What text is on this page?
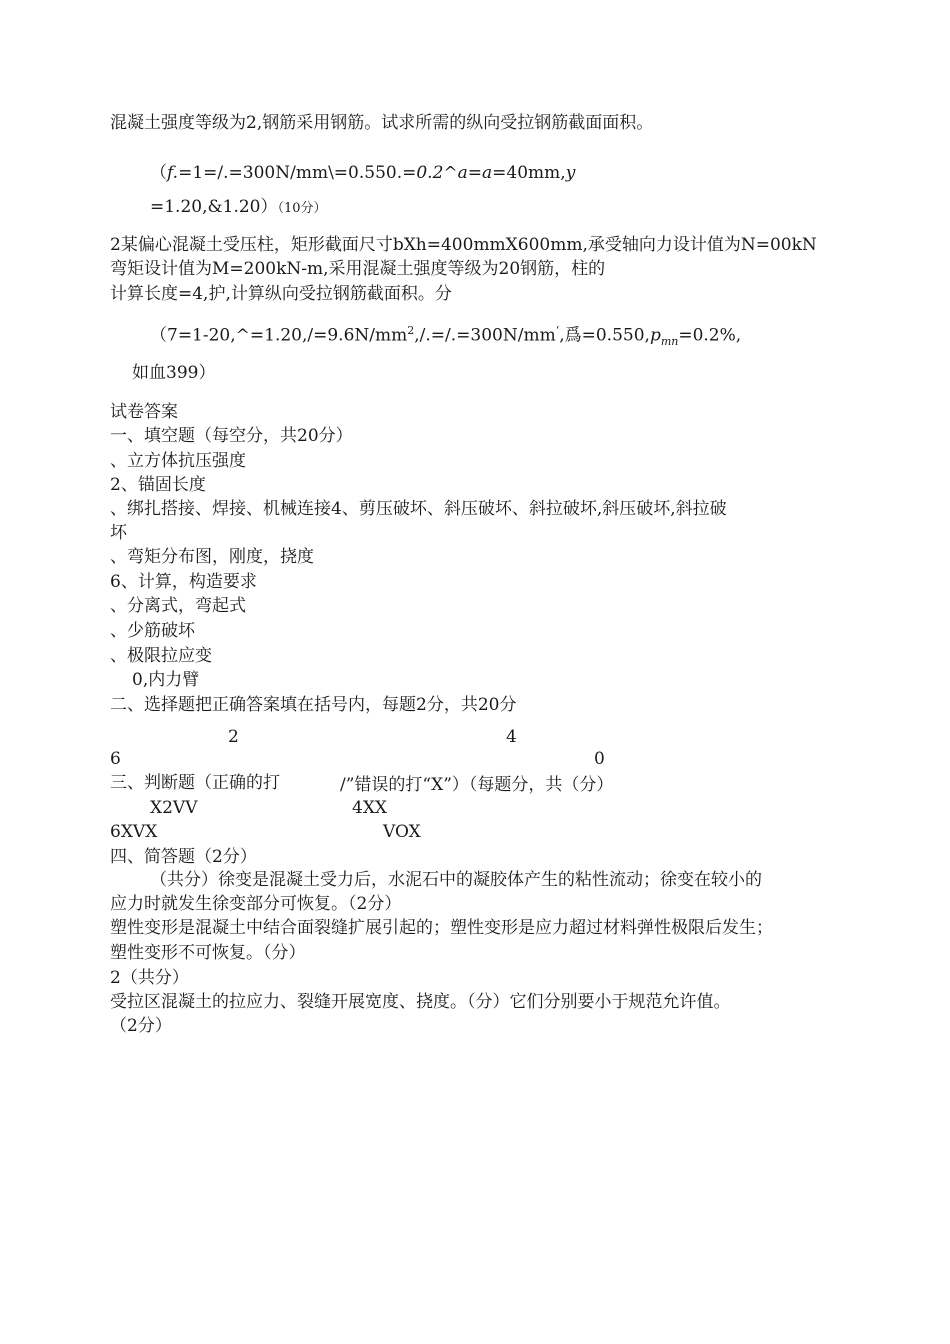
混凝土强度等级为2,钢筋采用钢筋。试求所需的纵向受拉钢筋截面面积。
（f.=1=/.=300N/mm\=0.550.=0.2^a=a=40mm,y
=1.20,&1.20）（10分）
2某偏心混凝土受压柱，矩形截面尺寸bXh=400mmX600mm,承受轴向力设计值为N=00kN
弯矩设计值为M=200kN-m,采用混凝土强度等级为20钢筋，柱的
计算长度=4,护,计算纵向受拉钢筋截面积。分
（$7=1-20,\^{}=1.20,/=9.6N/mm^2,/.=/.=300N/mm^‘$,爲$=0.550,p_{mn}=0.2\%$,
如血399）
试卷答案
一、填空题（每空分，共20分）
、立方体抗压强度
2、锚固长度
、绑扎搭接、焊接、机械连接4、剪压破坏、斜压破坏、斜拉破坏,斜压破坏,斜拉破
坏
、弯矩分布图，刚度，挠度
6、计算，构造要求
、分离式，弯起式
、少筋破坏
、极限拉应变
0,内力臂
二、选择题把正确答案填在括号内，每题2分，共20分
2	4
6	0
三、判断题（正确的打	/”错误的打“X”）（每题分，共（分）
X2VV	4XX
6XVX	VOX
四、简答题（2分）
（共分）徐变是混凝土受力后，水泥石中的凝胶体产生的粘性流动；徐变在较小的
应力时就发生徐变部分可恢复。（2分）
塑性变形是混凝土中结合面裂缝扩展引起的；塑性变形是应力超过材料弹性极限后发生；
塑性变形不可恢复。（分）
2（共分）
受拉区混凝土的拉应力、裂缝开展宽度、挠度。（分）它们分别要小于规范允许值。
（2分）
